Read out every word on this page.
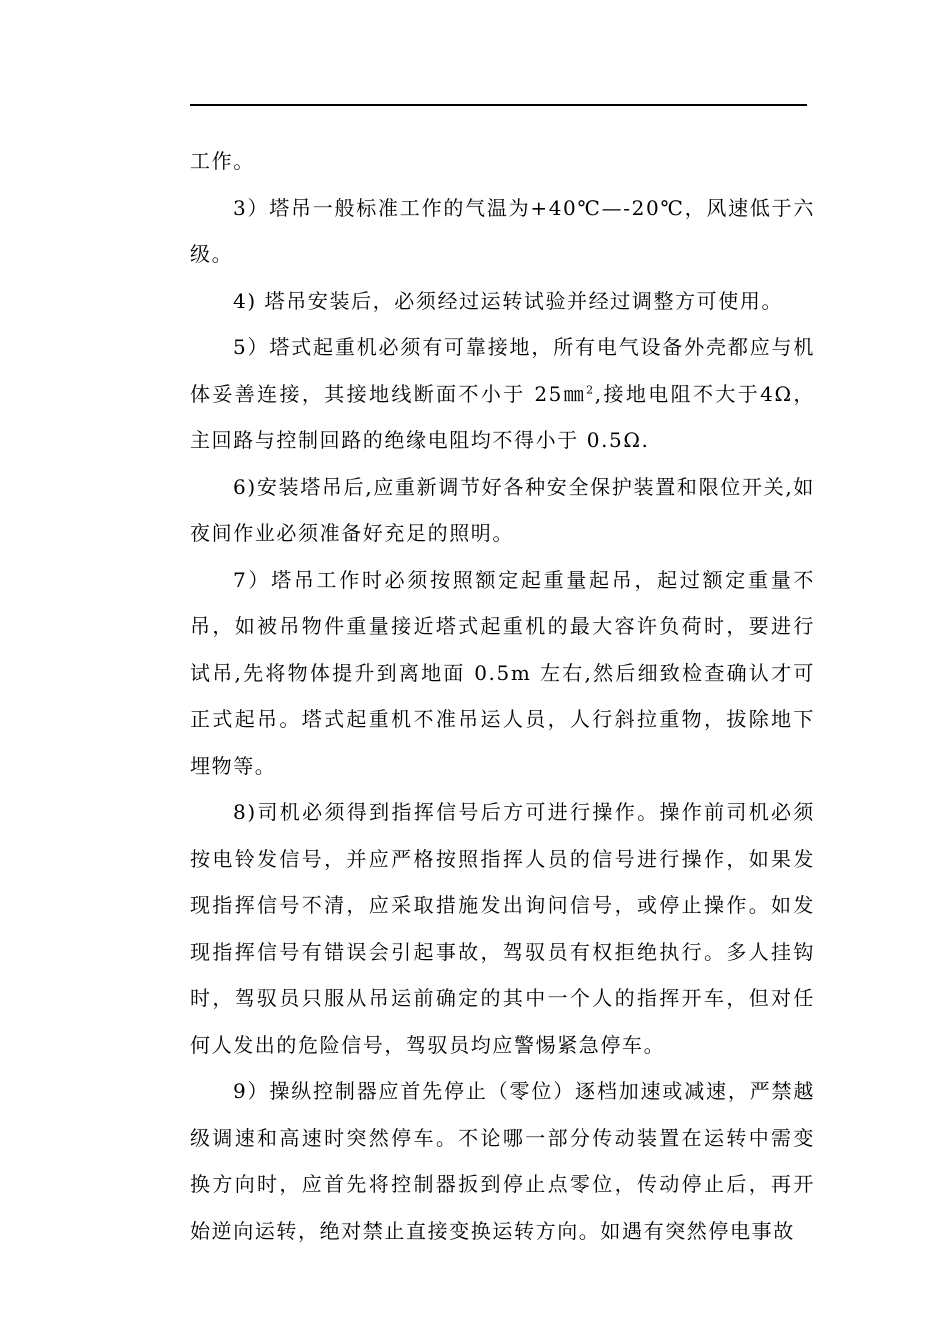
工作。

3）塔吊一般标准工作的气温为+40℃—-20℃，风速低于六级。

4) 塔吊安装后，必须经过运转试验并经过调整方可使用。

5）塔式起重机必须有可靠接地，所有电气设备外壳都应与机体妥善连接，其接地线断面不小于 25㎜$^2$,接地电阻不大于4Ω，主回路与控制回路的绝缘电阻均不得小于 0.5Ω.

6)安装塔吊后,应重新调节好各种安全保护装置和限位开关,如夜间作业必须准备好充足的照明。

7）塔吊工作时必须按照额定起重量起吊，起过额定重量不吊，如被吊物件重量接近塔式起重机的最大容许负荷时，要进行试吊,先将物体提升到离地面 0.5m 左右,然后细致检查确认才可正式起吊。塔式起重机不准吊运人员，人行斜拉重物，拔除地下埋物等。

8)司机必须得到指挥信号后方可进行操作。操作前司机必须按电铃发信号，并应严格按照指挥人员的信号进行操作，如果发现指挥信号不清，应采取措施发出询问信号，或停止操作。如发现指挥信号有错误会引起事故，驾驭员有权拒绝执行。多人挂钩时，驾驭员只服从吊运前确定的其中一个人的指挥开车，但对任何人发出的危险信号，驾驭员均应警惕紧急停车。

9）操纵控制器应首先停止（零位）逐档加速或减速，严禁越级调速和高速时突然停车。不论哪一部分传动装置在运转中需变换方向时，应首先将控制器扳到停止点零位，传动停止后，再开始逆向运转，绝对禁止直接变换运转方向。如遇有突然停电事故
